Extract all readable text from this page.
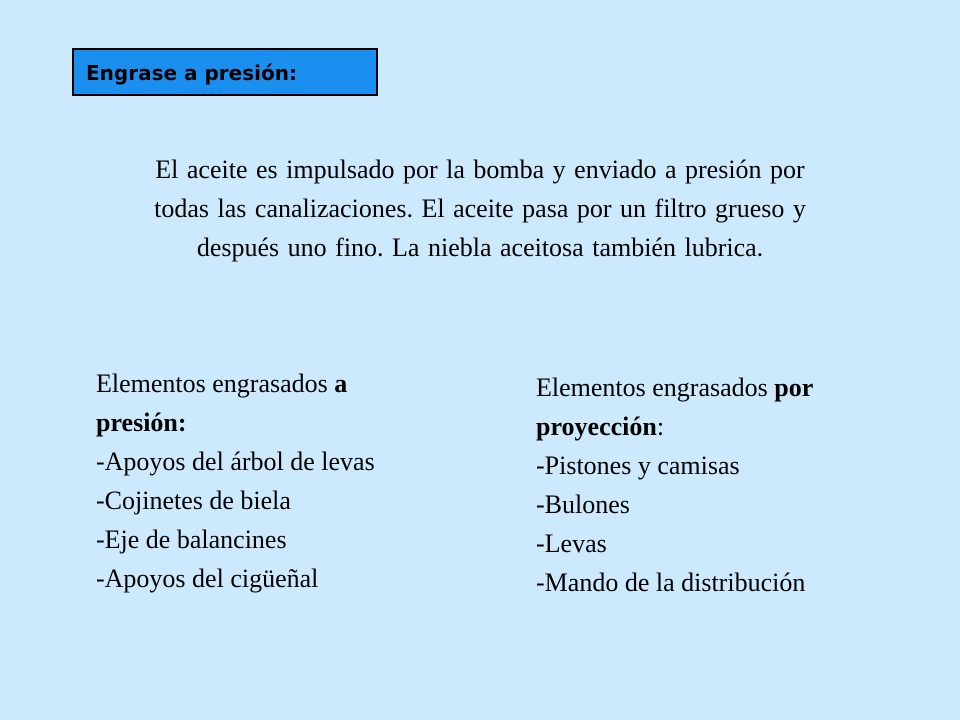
Engrase a presión:
El aceite es impulsado por la bomba y enviado a presión por
todas las canalizaciones. El aceite pasa por un filtro grueso y
después uno fino. La niebla aceitosa también lubrica.
Elementos engrasados a
presión:
-Apoyos del árbol de levas
-Cojinetes de biela
-Eje de balancines
-Apoyos del cigüeñal
Elementos engrasados por
proyección:
-Pistones y camisas
-Bulones
-Levas
-Mando de la distribución
